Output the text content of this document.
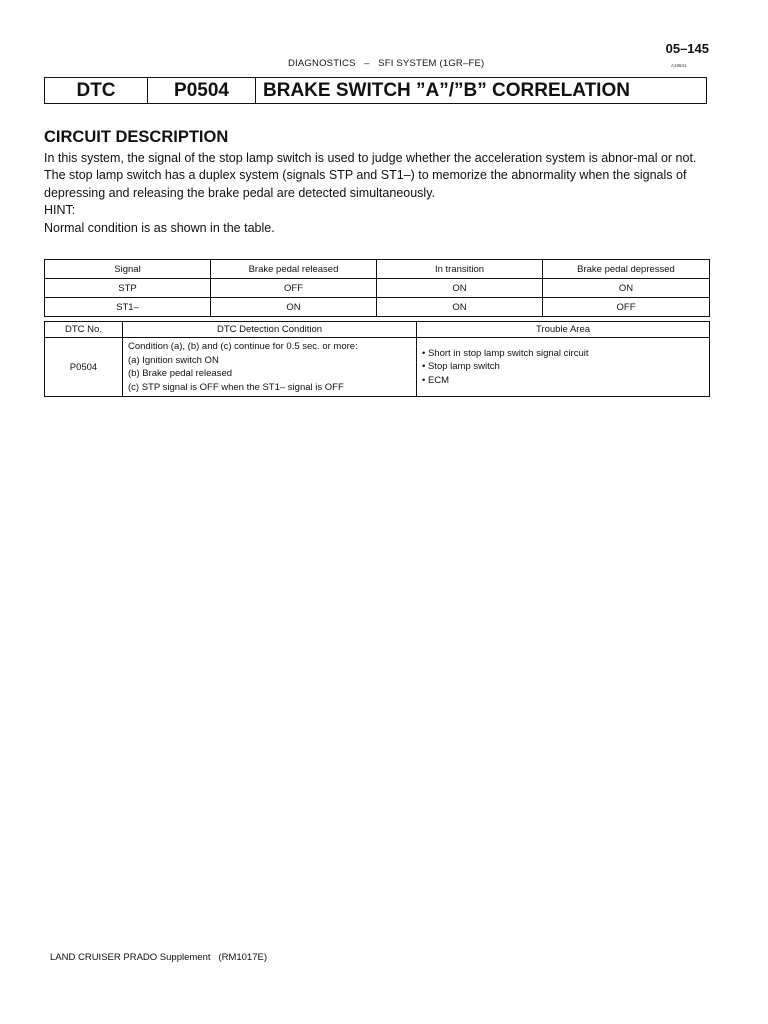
05–145
DIAGNOSTICS   –   SFI SYSTEM (1GR–FE)	A18541
DTC	P0504	BRAKE SWITCH ”A”/”B” CORRELATION
CIRCUIT DESCRIPTION

In this system, the signal of the stop lamp switch is used to judge whether the acceleration system is abnor-mal or not.

The stop lamp switch has a duplex system (signals STP and ST1–) to memorize the abnormality when the signals of depressing and releasing the brake pedal are detected simultaneously.

HINT:

Normal condition is as shown in the table.

Signal	Brake pedal released	In transition	Brake pedal depressed
STP	OFF	ON	ON
ST1–	ON	ON	OFF
DTC No.	DTC Detection Condition	Trouble Area
P0504	Condition (a), (b) and (c) continue for 0.5 sec. or more:
(a) Ignition switch ON
(b) Brake pedal released
(c) STP signal is OFF when the ST1– signal is OFF	• Short in stop lamp switch signal circuit
• Stop lamp switch
• ECM
LAND CRUISER PRADO Supplement   (RM1017E)
